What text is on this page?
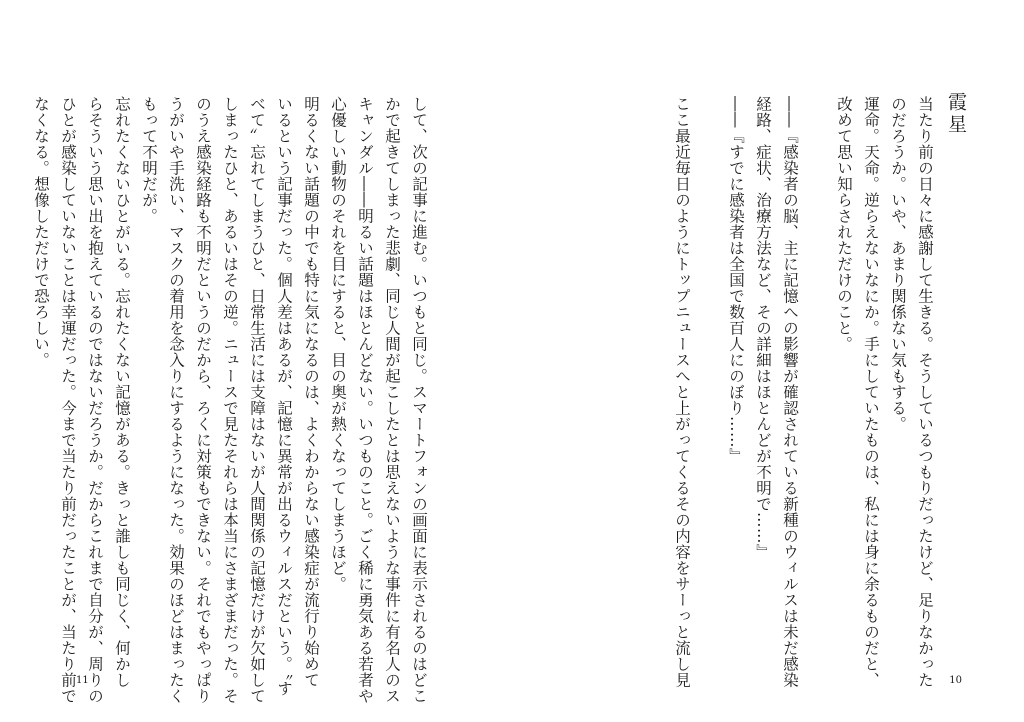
霞星
当たり前の日々に感謝して生きる。そうしているつもりだったけど、足りなかった
のだろうか。いや、あまり関係ない気もする。
運命。天命。逆らえないなにか。手にしていたものは、私には身に余るものだと、
改めて思い知らされただけのこと。
――『感染者の脳、主に記憶への影響が確認されている新種のウィルスは未だ感染
経路、症状、治療方法など、その詳細はほとんどが不明で……』
――『すでに感染者は全国で数百人にのぼり……』
ここ最近毎日のようにトップニュースへと上がってくるその内容をサーっと流し見	10
して、次の記事に進む。いつもと同じ。スマートフォンの画面に表示されるのはどこ
かで起きてしまった悲劇、同じ人間が起こしたとは思えないような事件に有名人のス
キャンダル――明るい話題はほとんどない。いつものこと。ごく稀に勇気ある若者や
心優しい動物のそれを目にすると、目の奥が熱くなってしまうほど。
明るくない話題の中でも特に気になるのは、よくわからない感染症が流行り始めて
いるという記事だった。個人差はあるが、記憶に異常が出るウィルスだという。〝す
べて〟忘れてしまうひと、日常生活には支障はないが人間関係の記憶だけが欠如して
しまったひと、あるいはその逆。ニュースで見たそれらは本当にさまざまだった。そ
のうえ感染経路も不明だというのだから、ろくに対策もできない。それでもやっぱり
うがいや手洗い、マスクの着用を念入りにするようになった。効果のほどはまったく
もって不明だが。
忘れたくないひとがいる。忘れたくない記憶がある。きっと誰しも同じく、何かし
らそういう思い出を抱えているのではないだろうか。だからこれまで自分が、周りの
ひとが感染していないことは幸運だった。今まで当たり前だったことが、当たり前で
なくなる。想像しただけで恐ろしい。
11
